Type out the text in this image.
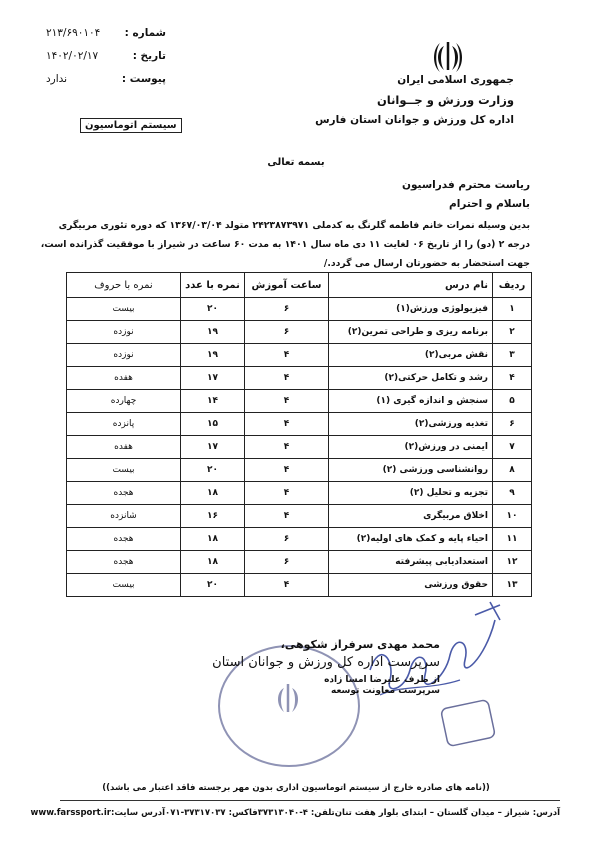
شماره :
۲۱۳/۶۹۰۱۰۴
تاریخ :
۱۴۰۲/۰۲/۱۷
پیوست :
ندارد
سیستم اتوماسیون
جمهوری اسلامی ایران
وزارت ورزش و جــوانان
اداره کل ورزش و جوانان استان فارس
بسمه تعالی
ریاست محترم فدراسیون
باسلام و احترام
بدین وسیله نمرات خانم فاطمه گلرنگ به کدملی ۲۴۲۳۸۷۳۹۷۱ متولد ۱۳۶۷/۰۳/۰۴ که دوره تئوری مربیگری درجه ۲ (دو) را از تاریخ ۰۶ لغایت ۱۱ دی ماه سال ۱۴۰۱ به مدت ۶۰ ساعت در شیراز با موفقیت گذرانده است، جهت استحضار به حضورتان ارسال می گردد./
ردیف	نام درس	ساعت آموزش	نمره با عدد	نمره با حروف
۱	فیزیولوژی ورزش(۱)	۶	۲۰	بیست
۲	برنامه ریزی و طراحی تمرین(۲)	۶	۱۹	نوزده
۳	نقش مربی(۲)	۴	۱۹	نوزده
۴	رشد و تکامل حرکتی(۲)	۴	۱۷	هفده
۵	سنجش و اندازه گیری (۱)	۴	۱۴	چهارده
۶	تغذیه ورزشی(۲)	۴	۱۵	پانزده
۷	ایمنی در ورزش(۲)	۴	۱۷	هفده
۸	روانشناسی ورزشی (۲)	۴	۲۰	بیست
۹	تجزیه و تحلیل (۲)	۴	۱۸	هجده
۱۰	اخلاق مربیگری	۴	۱۶	شانزده
۱۱	احیاء پایه و کمک های اولیه(۲)	۶	۱۸	هجده
۱۲	استعدادیابی پیشرفته	۶	۱۸	هجده
۱۳	حقوق ورزشی	۴	۲۰	بیست
محمد مهدی سرفراز شکوهی،
سرپرست اداره کل ورزش و جوانان استان
از طرف علیرضا امسا زاده
سرپرست معاونت توسعه
((نامه های صادره خارج از سیستم اتوماسیون اداری بدون مهر برجسته فاقد اعتبار می باشد))
آدرس: شیراز – میدان گلستان – ابتدای بلوار هفت تنان
تلفن: ۴-۳۷۳۱۳۰۴۰
فاکس: ۳۷۳۱۷۰۳۷-۰۷۱
آدرس سایت:
www.farssport.ir
